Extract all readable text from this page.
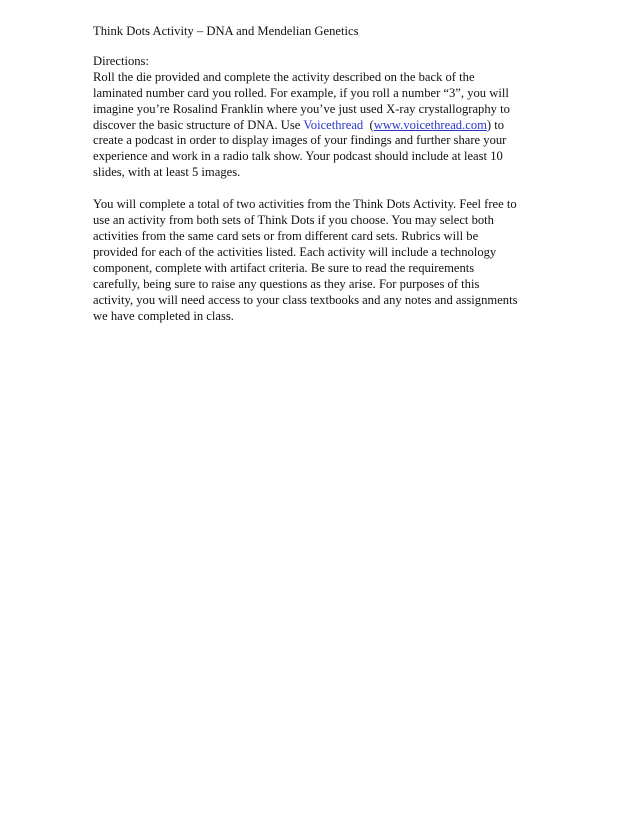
Think Dots Activity – DNA and Mendelian Genetics
Directions:
Roll the die provided and complete the activity described on the back of the
laminated number card you rolled. For example, if you roll a number “3”, you will
imagine you’re Rosalind Franklin where you’ve just used X-ray crystallography to
discover the basic structure of DNA. Use Voicethread  (www.voicethread.com) to
create a podcast in order to display images of your findings and further share your
experience and work in a radio talk show. Your podcast should include at least 10
slides, with at least 5 images.
You will complete a total of two activities from the Think Dots Activity. Feel free to
use an activity from both sets of Think Dots if you choose. You may select both
activities from the same card sets or from different card sets. Rubrics will be
provided for each of the activities listed. Each activity will include a technology
component, complete with artifact criteria. Be sure to read the requirements
carefully, being sure to raise any questions as they arise. For purposes of this
activity, you will need access to your class textbooks and any notes and assignments
we have completed in class.
